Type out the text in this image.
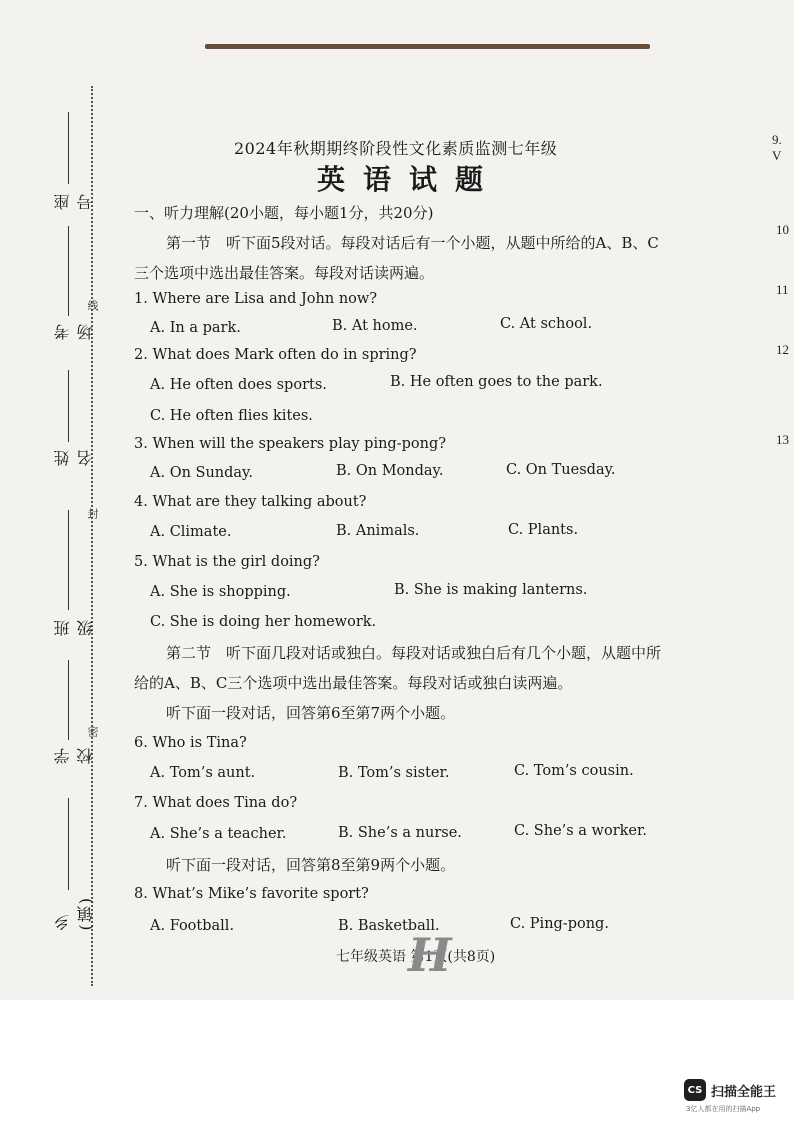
线
封
密
座号
考场
姓名
班级
学校
乡(镇)
9. V
10
11
12
13
2024年秋期期终阶段性文化素质监测七年级
英语试题
一、听力理解(20小题，每小题1分，共20分)
第一节　听下面5段对话。每段对话后有一个小题，从题中所给的A、B、C
三个选项中选出最佳答案。每段对话读两遍。
1. Where are Lisa and John now?
A. In a park.	B. At home.	C. At school.
2. What does Mark often do in spring?
A. He often does sports.	B. He often goes to the park.
C. He often flies kites.
3. When will the speakers play ping-pong?
A. On Sunday.	B. On Monday.	C. On Tuesday.
4. What are they talking about?
A. Climate.	B. Animals.	C. Plants.
5. What is the girl doing?
A. She is shopping.	B. She is making lanterns.
C. She is doing her homework.
第二节　听下面几段对话或独白。每段对话或独白后有几个小题，从题中所
给的A、B、C三个选项中选出最佳答案。每段对话或独白读两遍。
听下面一段对话，回答第6至第7两个小题。
6. Who is Tina?
A. Tom’s aunt.	B. Tom’s sister.	C. Tom’s cousin.
7. What does Tina do?
A. She’s a teacher.	B. She’s a nurse.	C. She’s a worker.
听下面一段对话，回答第8至第9两个小题。
8. What’s Mike’s favorite sport?
A. Football.	B. Basketball.	C. Ping-pong.
七年级英语 第1页(共8页)
H
CS 扫描全能王
3亿人都在用的扫描App
